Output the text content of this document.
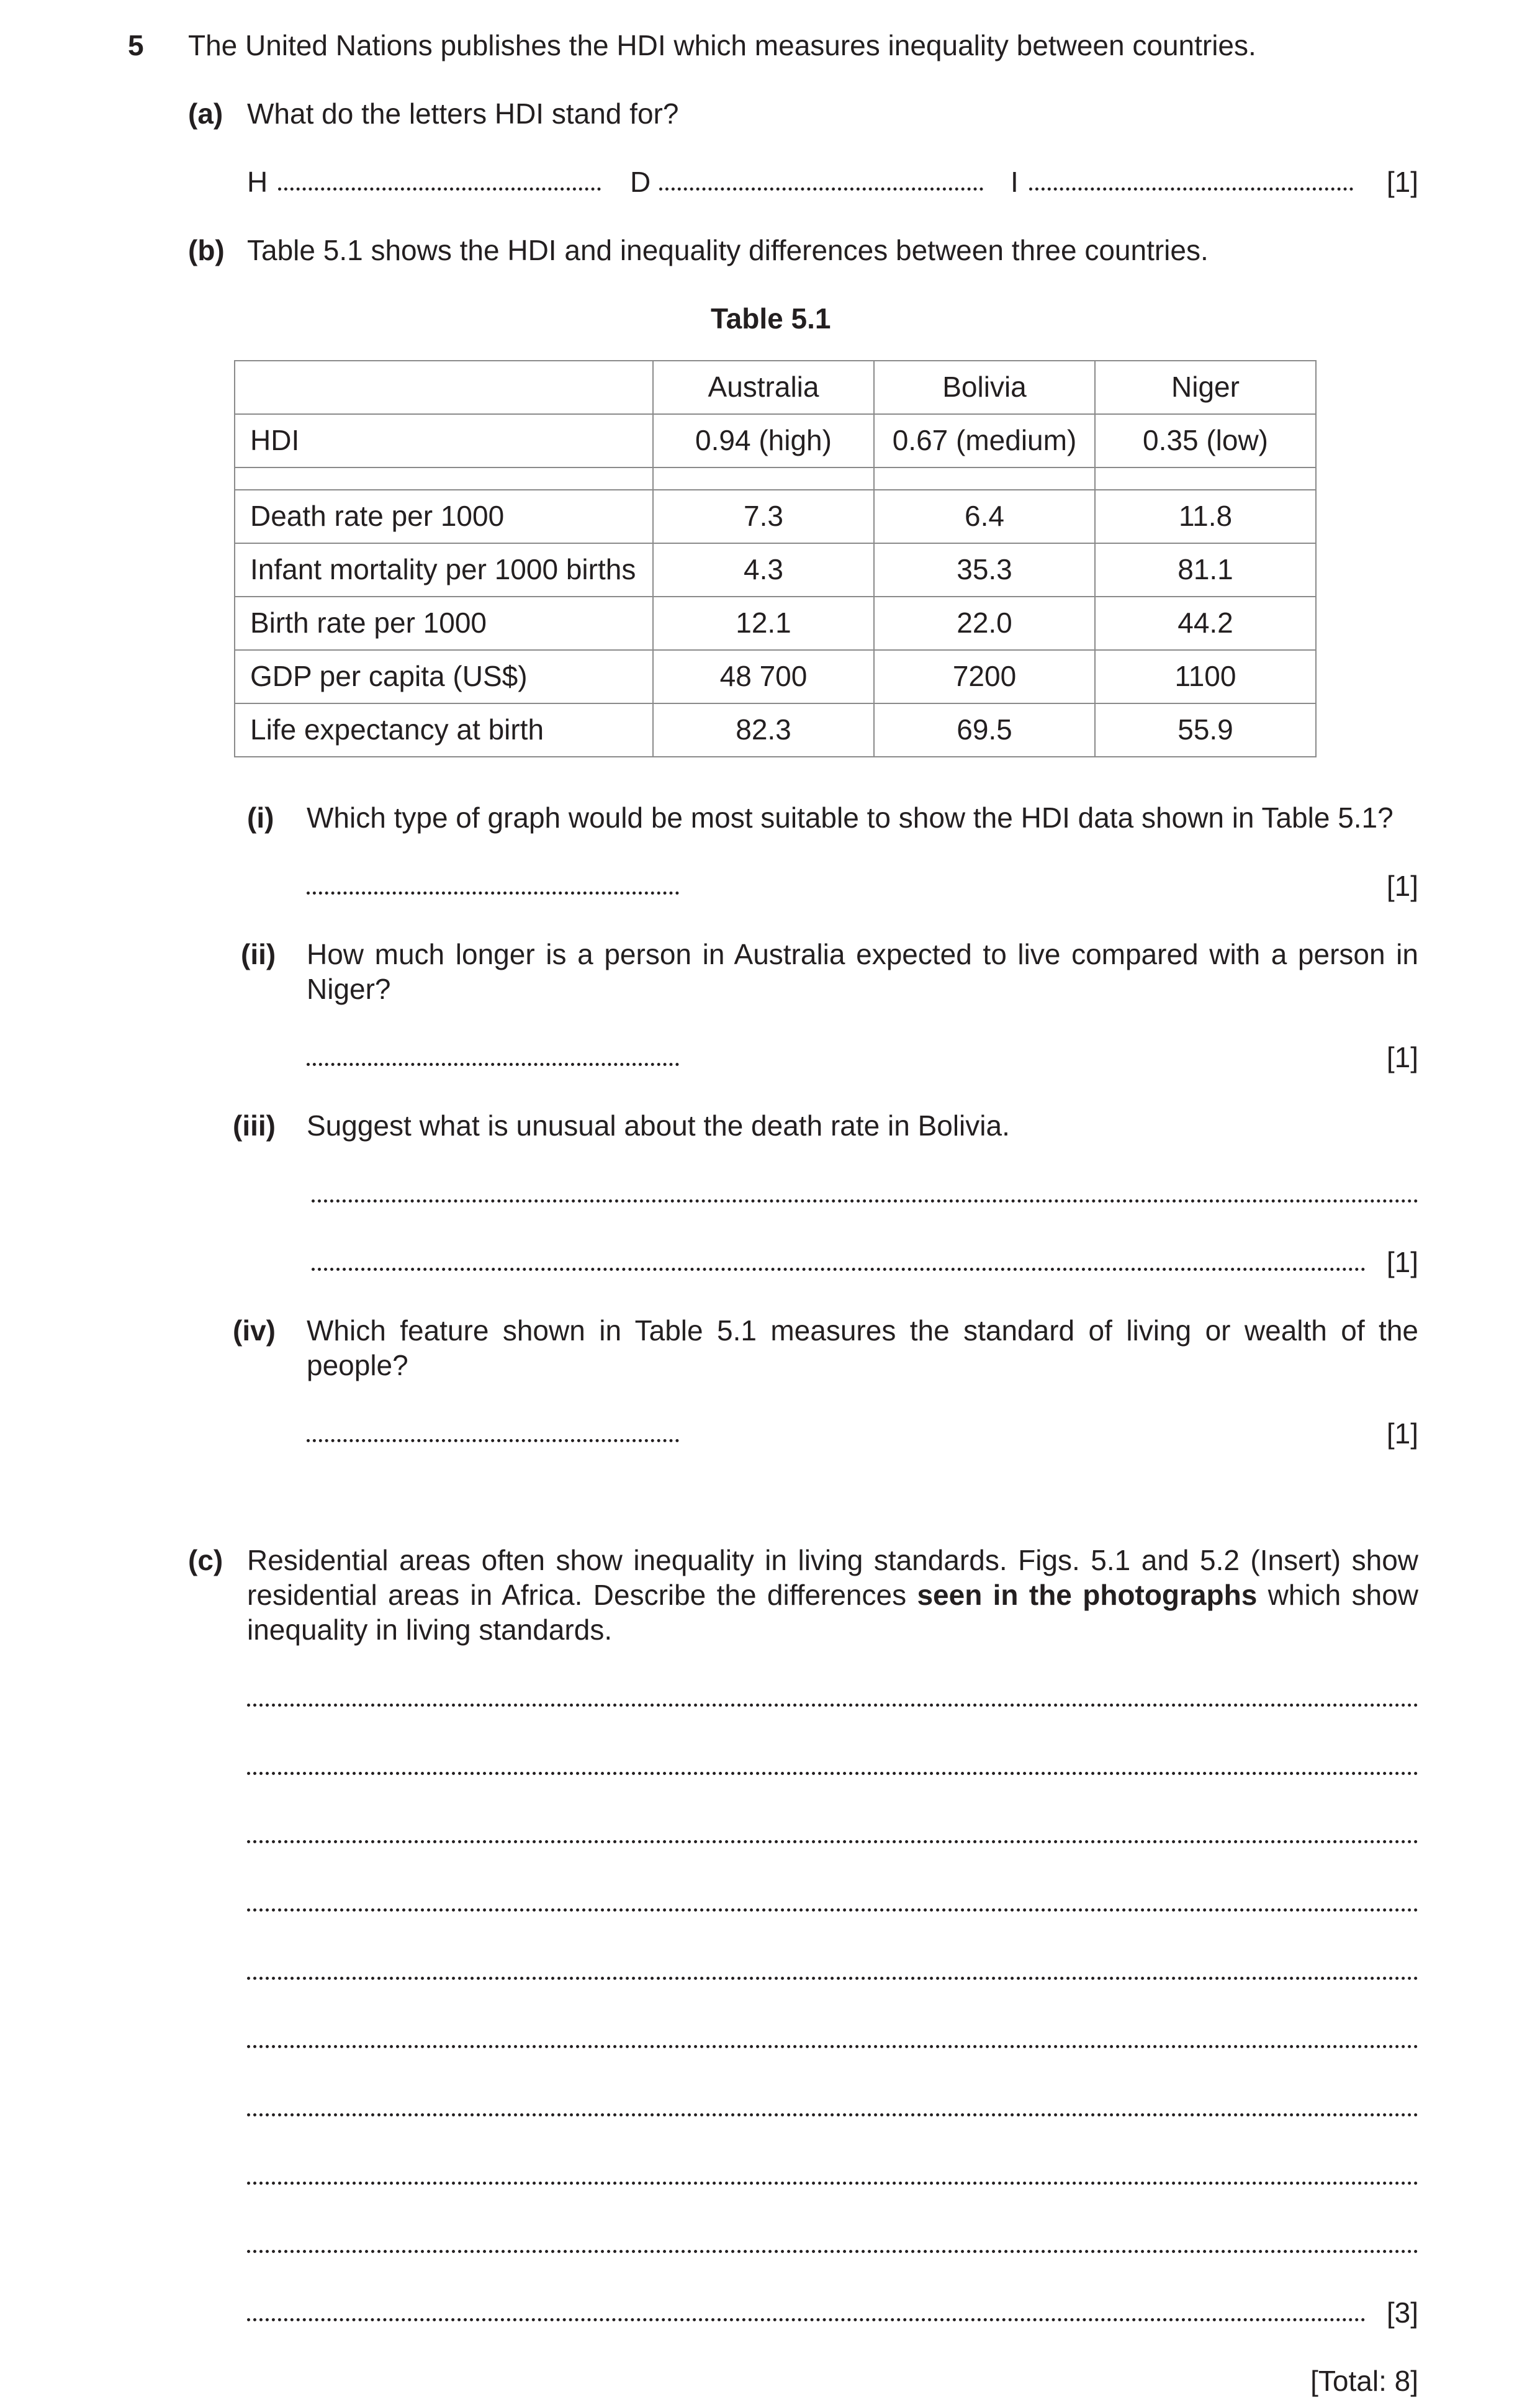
5 The United Nations publishes the HDI which measures inequality between countries.
(a) What do the letters HDI stand for?
H	D	I	[1]
(b) Table 5.1 shows the HDI and inequality differences between three countries.
Table 5.1
	Australia	Bolivia	Niger
HDI	0.94 (high)	0.67 (medium)	0.35 (low)

Death rate per 1000	7.3	6.4	11.8
Infant mortality per 1000 births	4.3	35.3	81.1
Birth rate per 1000	12.1	22.0	44.2
GDP per capita (US$)	48 700	7200	1100
Life expectancy at birth	82.3	69.5	55.9
(i) Which type of graph would be most suitable to show the HDI data shown in Table 5.1?
[1]
(ii) How much longer is a person in Australia expected to live compared with a person in
Niger?
[1]
(iii) Suggest what is unusual about the death rate in Bolivia.
[1]
(iv) Which feature shown in Table 5.1 measures the standard of living or wealth of the
people?
[1]
(c) Residential areas often show inequality in living standards. Figs. 5.1 and 5.2 (Insert) show
residential areas in Africa. Describe the differences seen in the photographs which show
inequality in living standards.
[3]
[Total: 8]
